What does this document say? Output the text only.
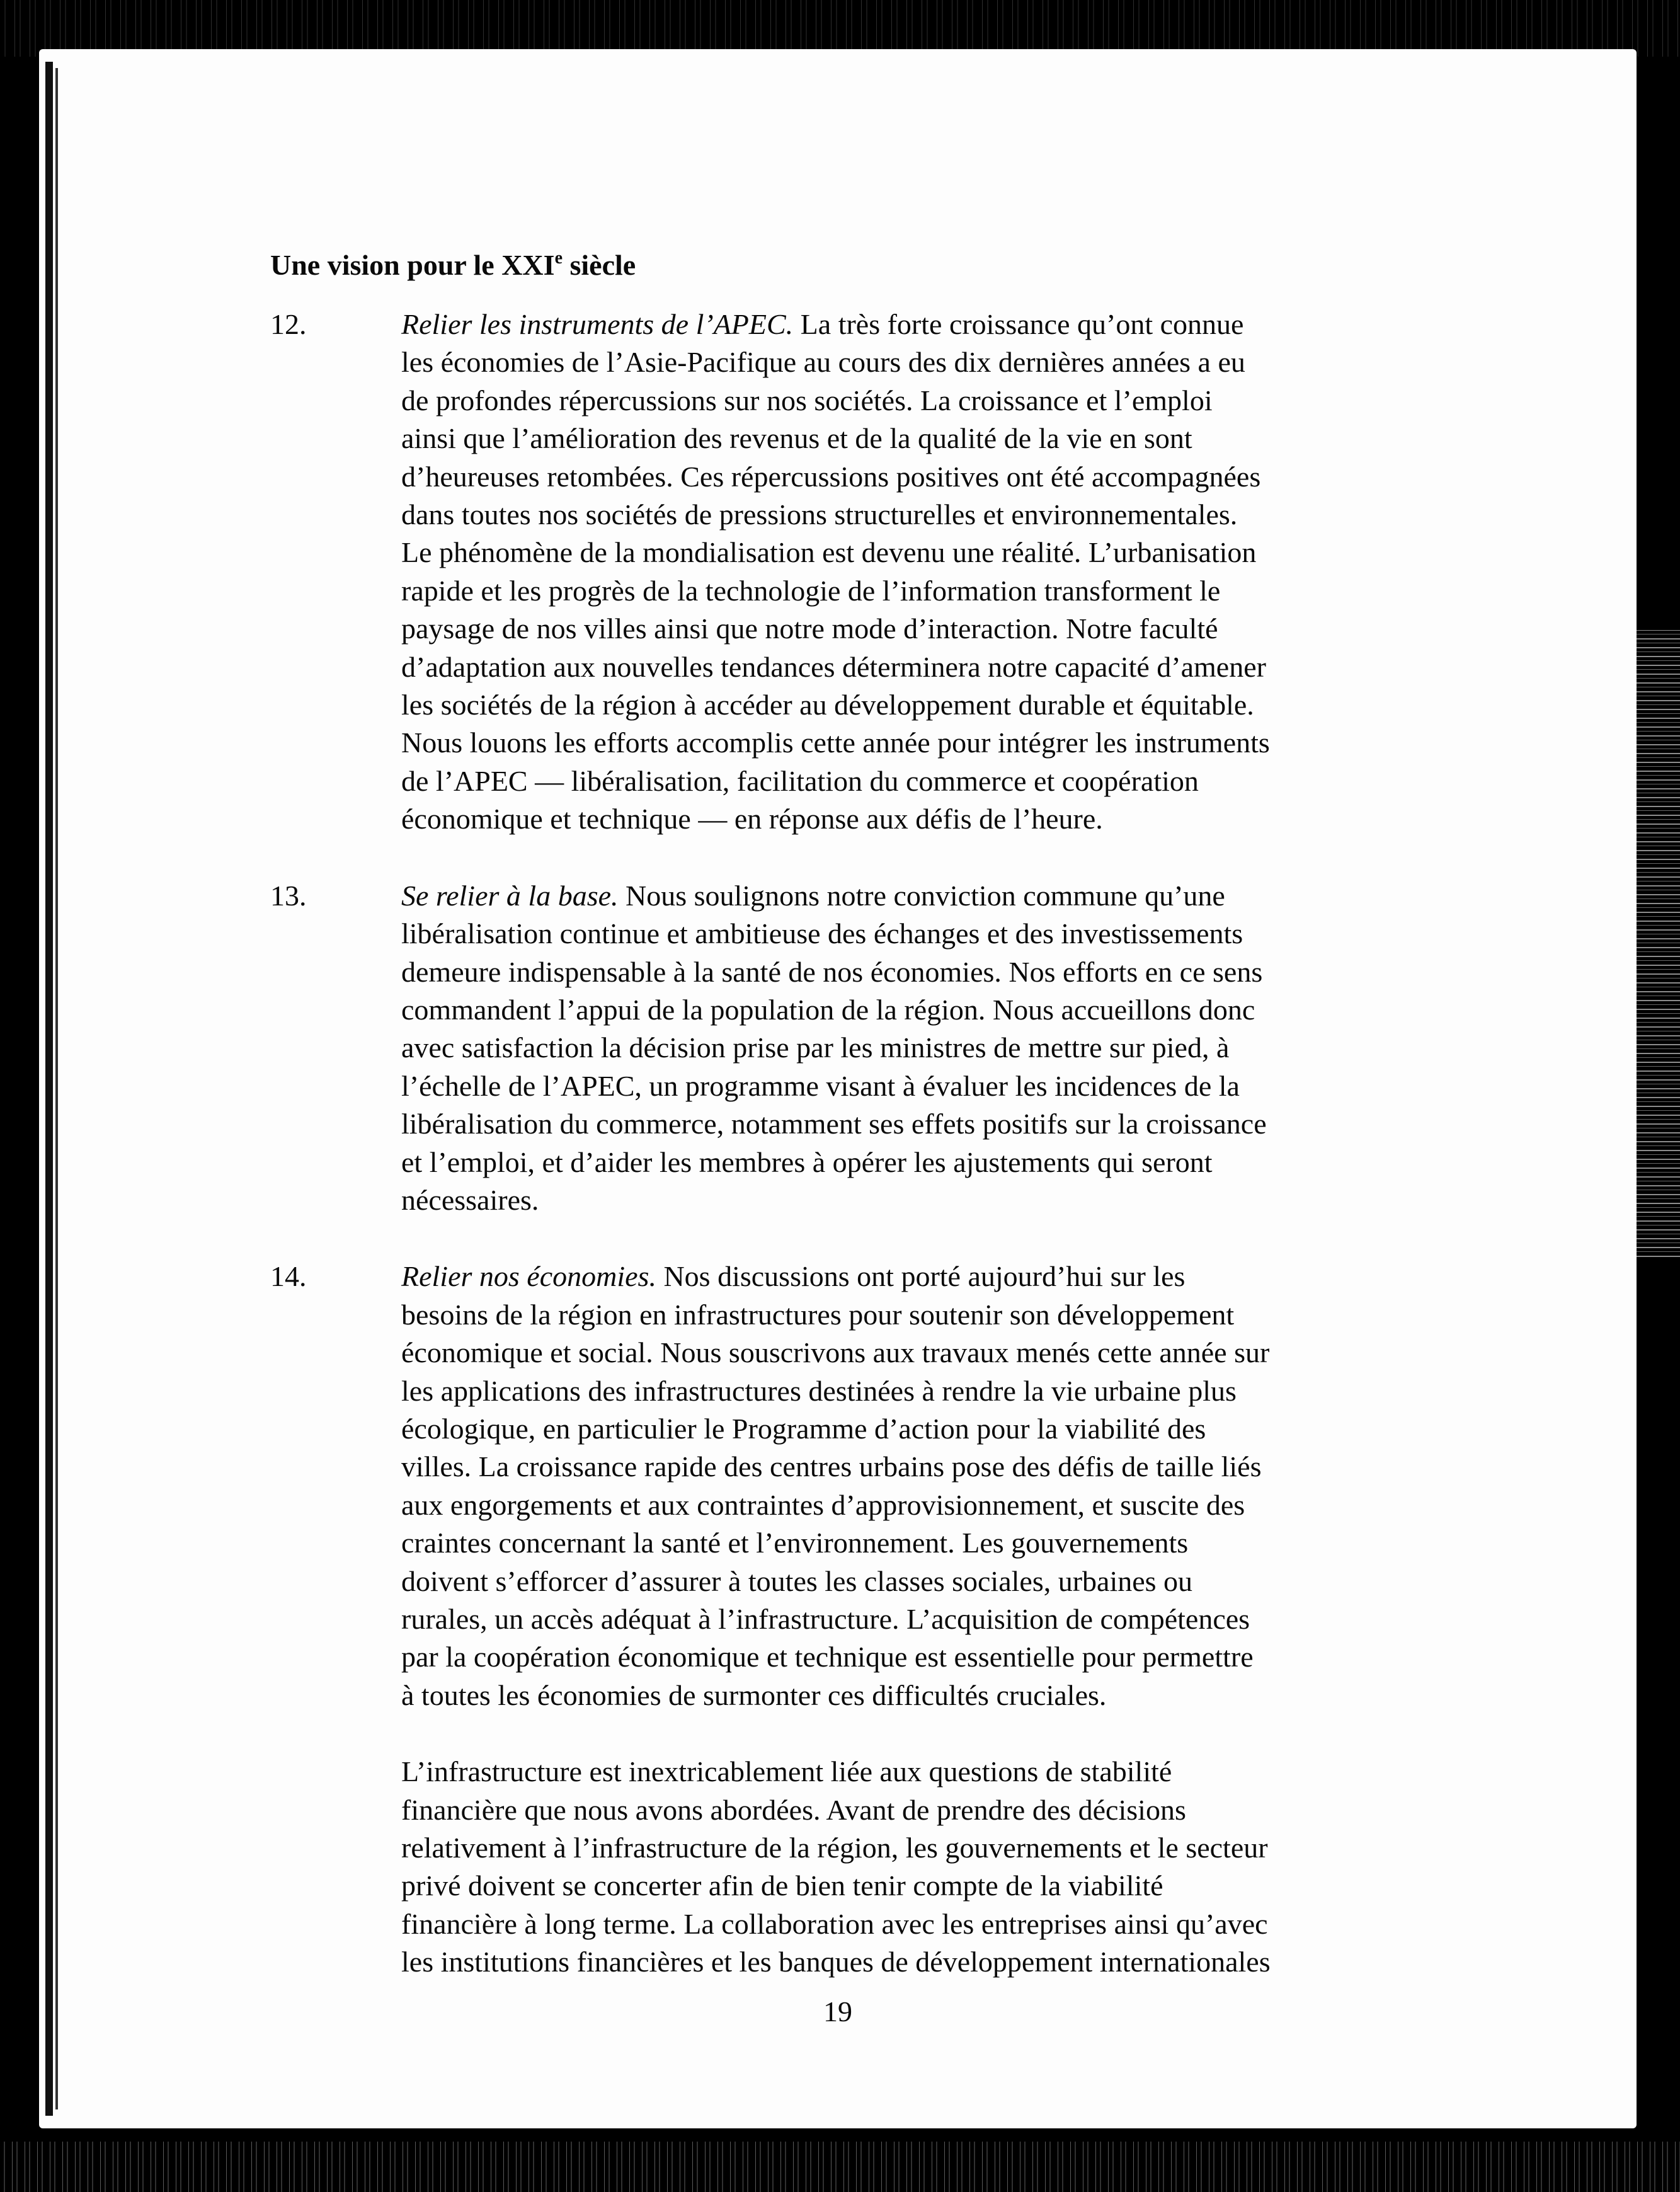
Une vision pour le XXIe siècle
12.	Relier les instruments de l’APEC. La très forte croissance qu’ont connue
les économies de l’Asie-Pacifique au cours des dix dernières années a eu
de profondes répercussions sur nos sociétés. La croissance et l’emploi
ainsi que l’amélioration des revenus et de la qualité de la vie en sont
d’heureuses retombées. Ces répercussions positives ont été accompagnées
dans toutes nos sociétés de pressions structurelles et environnementales.
Le phénomène de la mondialisation est devenu une réalité. L’urbanisation
rapide et les progrès de la technologie de l’information transforment le
paysage de nos villes ainsi que notre mode d’interaction. Notre faculté
d’adaptation aux nouvelles tendances déterminera notre capacité d’amener
les sociétés de la région à accéder au développement durable et équitable.
Nous louons les efforts accomplis cette année pour intégrer les instruments
de l’APEC — libéralisation, facilitation du commerce et coopération
économique et technique — en réponse aux défis de l’heure.
13.	Se relier à la base. Nous soulignons notre conviction commune qu’une
libéralisation continue et ambitieuse des échanges et des investissements
demeure indispensable à la santé de nos économies. Nos efforts en ce sens
commandent l’appui de la population de la région. Nous accueillons donc
avec satisfaction la décision prise par les ministres de mettre sur pied, à
l’échelle de l’APEC, un programme visant à évaluer les incidences de la
libéralisation du commerce, notamment ses effets positifs sur la croissance
et l’emploi, et d’aider les membres à opérer les ajustements qui seront
nécessaires.
14.	Relier nos économies. Nos discussions ont porté aujourd’hui sur les
besoins de la région en infrastructures pour soutenir son développement
économique et social. Nous souscrivons aux travaux menés cette année sur
les applications des infrastructures destinées à rendre la vie urbaine plus
écologique, en particulier le Programme d’action pour la viabilité des
villes. La croissance rapide des centres urbains pose des défis de taille liés
aux engorgements et aux contraintes d’approvisionnement, et suscite des
craintes concernant la santé et l’environnement. Les gouvernements
doivent s’efforcer d’assurer à toutes les classes sociales, urbaines ou
rurales, un accès adéquat à l’infrastructure. L’acquisition de compétences
par la coopération économique et technique est essentielle pour permettre
à toutes les économies de surmonter ces difficultés cruciales.
L’infrastructure est inextricablement liée aux questions de stabilité
financière que nous avons abordées. Avant de prendre des décisions
relativement à l’infrastructure de la région, les gouvernements et le secteur
privé doivent se concerter afin de bien tenir compte de la viabilité
financière à long terme. La collaboration avec les entreprises ainsi qu’avec
les institutions financières et les banques de développement internationales
19
